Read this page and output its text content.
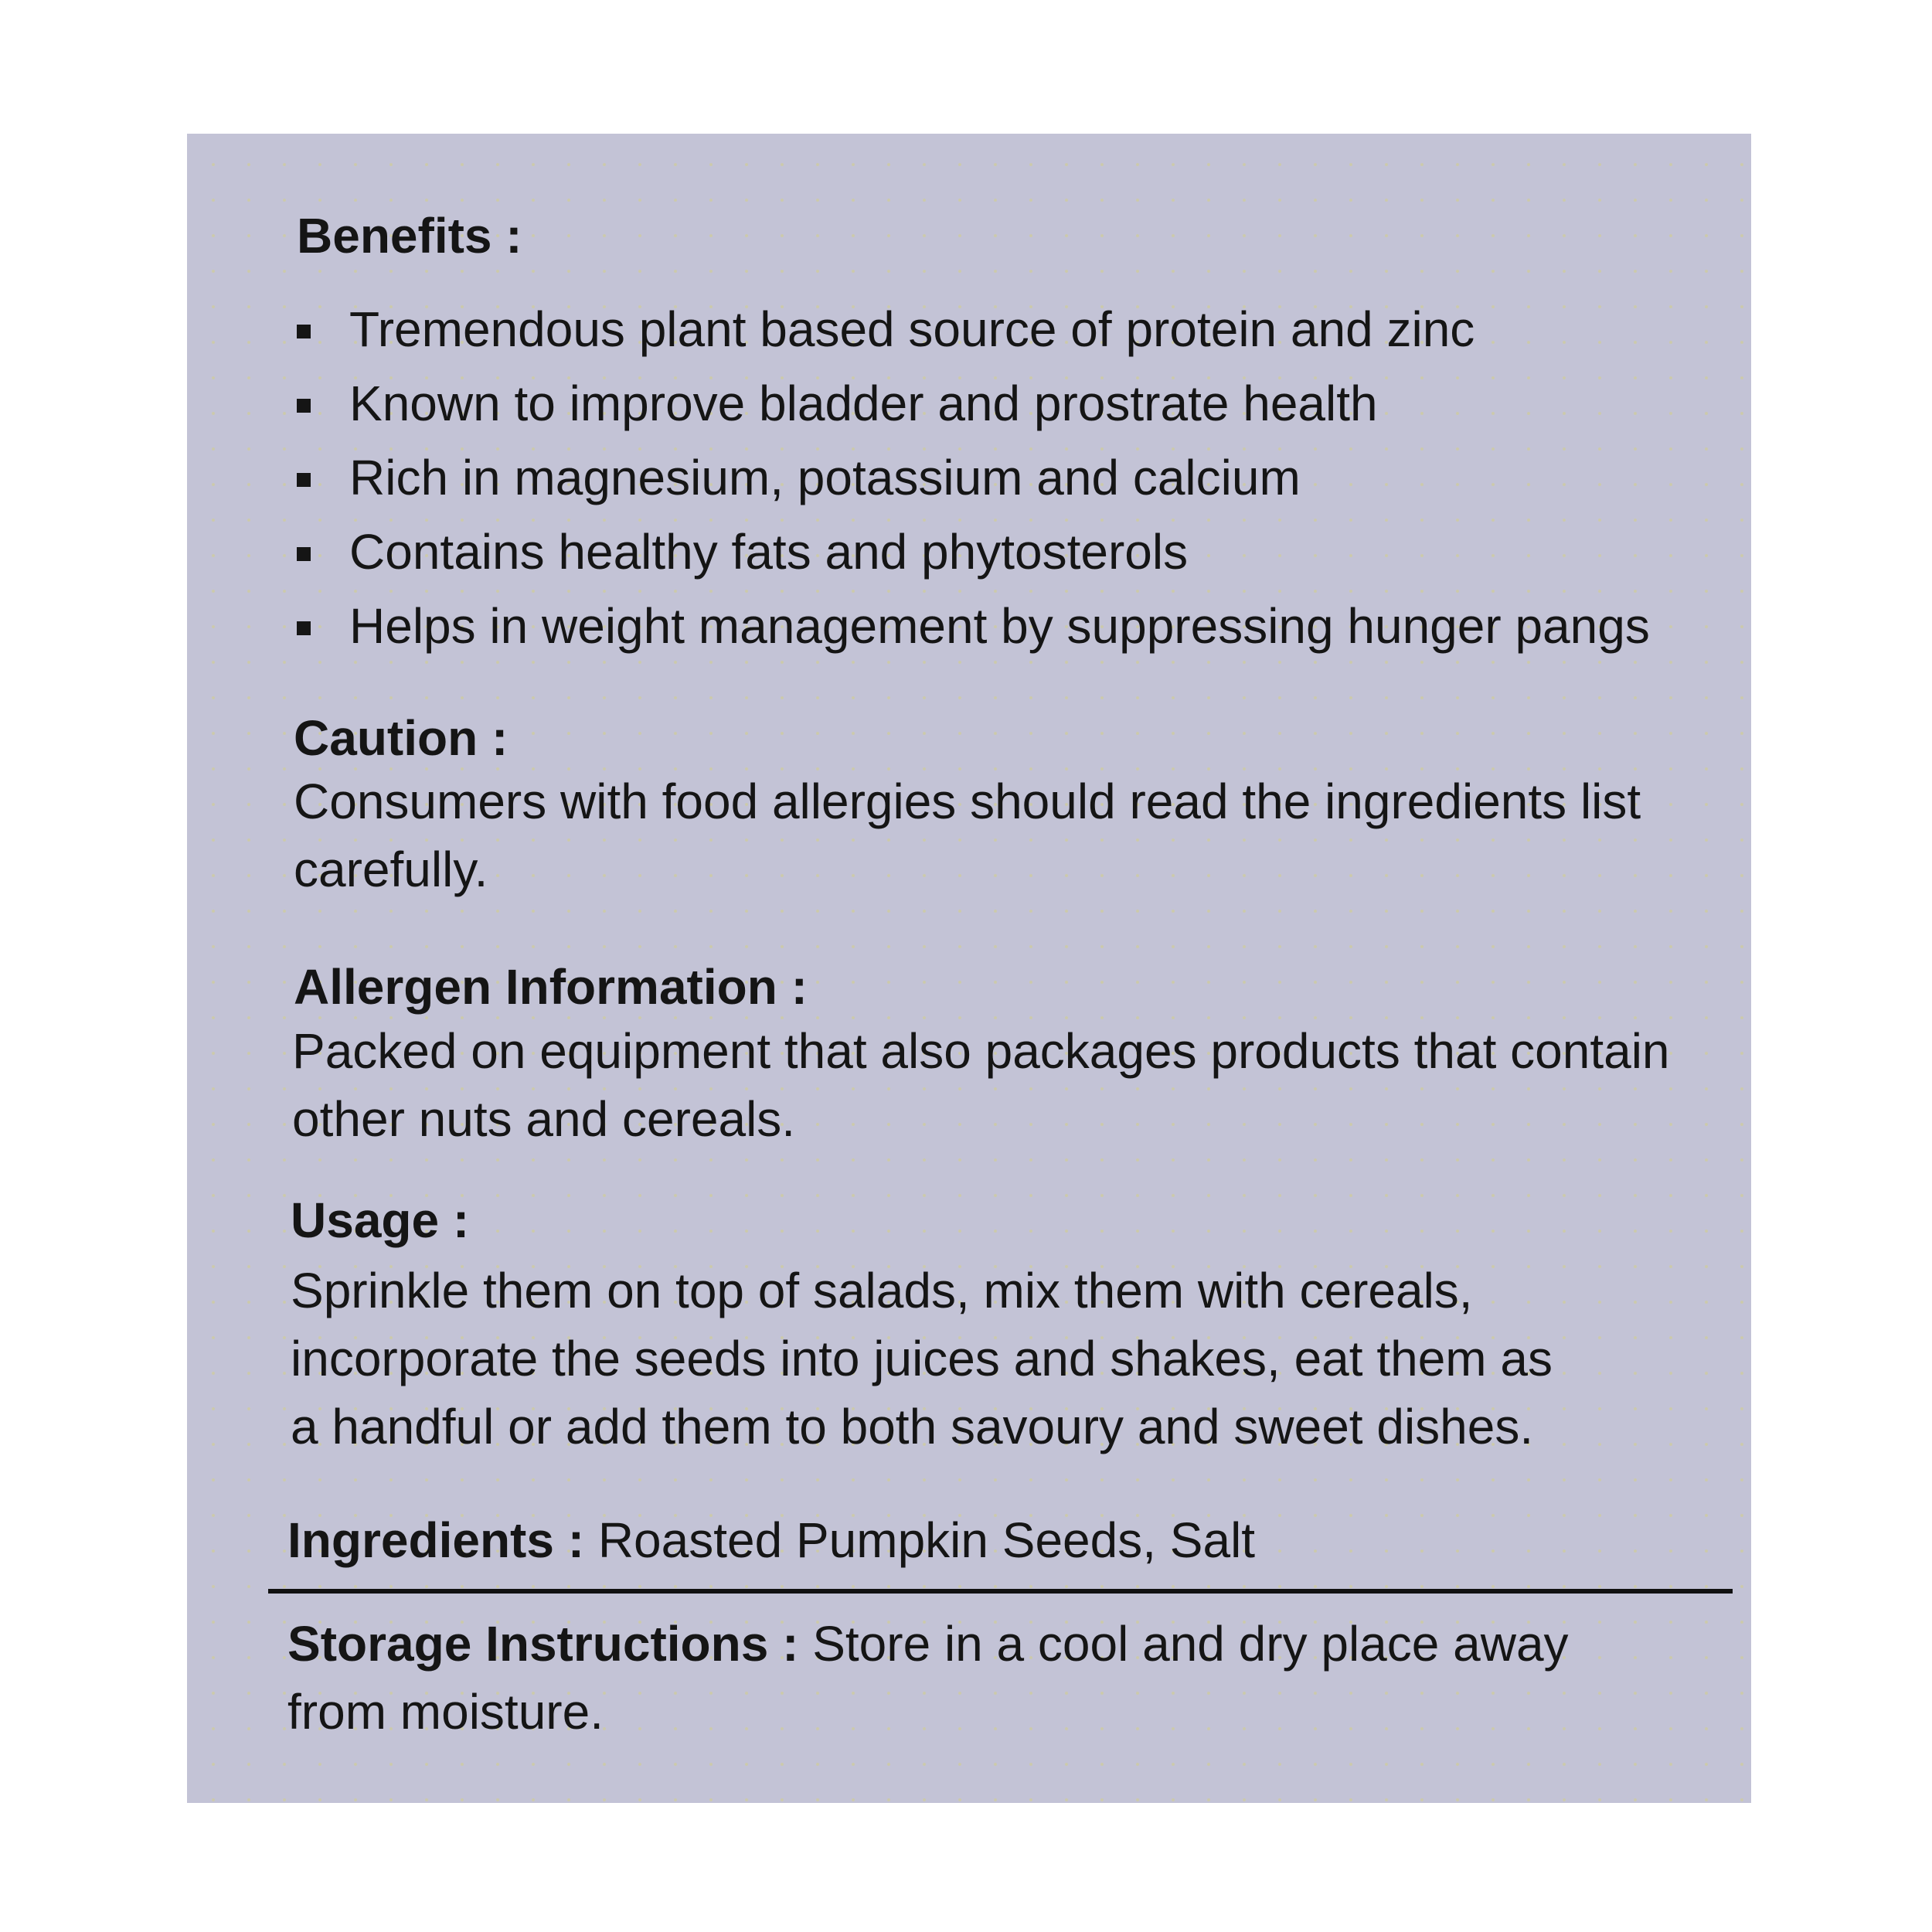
Benefits :
Tremendous plant based source of protein and zinc
Known to improve bladder and prostrate health
Rich in magnesium, potassium and calcium
Contains healthy fats and phytosterols
Helps in weight management by suppressing hunger pangs
Caution :

Consumers with food allergies should read the ingredients list
carefully.

Allergen Information :

Packed on equipment that also packages products that contain
other nuts and cereals.

Usage :

Sprinkle them on top of salads, mix them with cereals,
incorporate the seeds into juices and shakes, eat them as
a handful or add them to both savoury and sweet dishes.

Ingredients : Roasted Pumpkin Seeds, Salt

Storage Instructions : Store in a cool and dry place away
from moisture.
